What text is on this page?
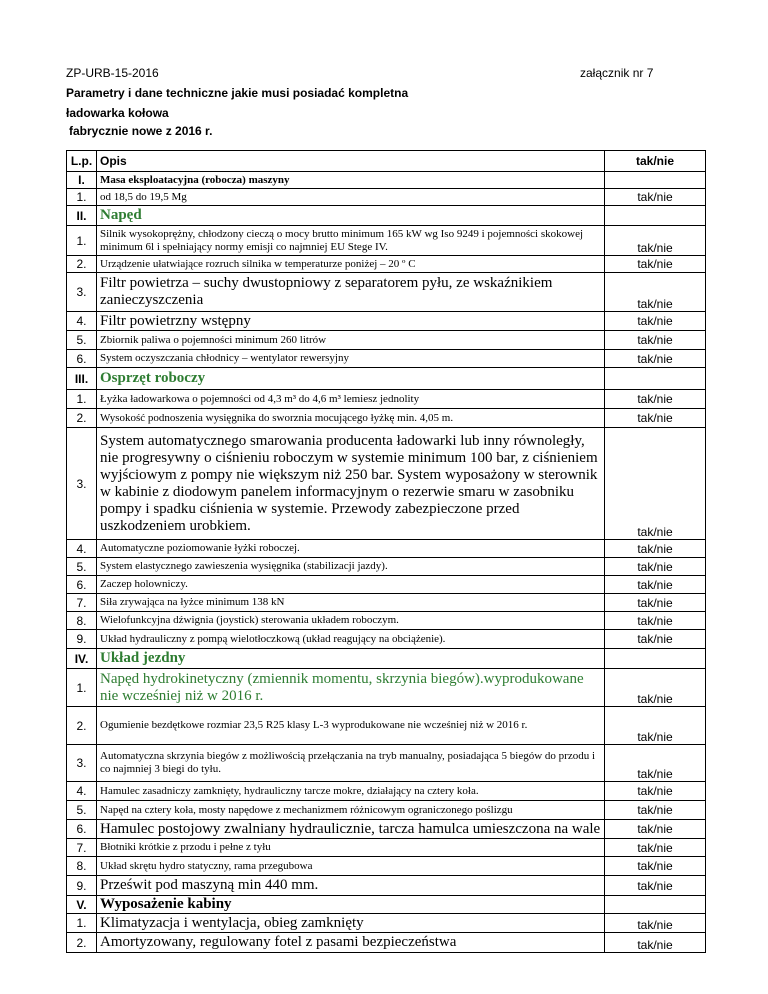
ZP-URB-15-2016	załącznik nr 7
Parametry i dane techniczne jakie musi posiadać kompletna
ładowarka kołowa
fabrycznie nowe z 2016 r.
L.p.	Opis	tak/nie
I.	Masa eksploatacyjna (robocza) maszyny	
1.	od 18,5 do 19,5 Mg	tak/nie
II.	Napęd	
1.	Silnik wysokoprężny, chłodzony cieczą o mocy brutto minimum 165 kW wg Iso 9249 i pojemności skokowej minimum 6l i spełniający normy emisji co najmniej EU Stege IV.	tak/nie
2.	Urządzenie ułatwiające rozruch silnika w temperaturze poniżej – 20 º C	tak/nie
3.	Filtr powietrza – suchy dwustopniowy z separatorem pyłu, ze wskaźnikiem zanieczyszczenia	tak/nie
4.	Filtr powietrzny wstępny	tak/nie
5.	Zbiornik paliwa o pojemności minimum 260 litrów	tak/nie
6.	System oczyszczania chłodnicy – wentylator rewersyjny	tak/nie
III.	Osprzęt roboczy	
1.	Łyżka ładowarkowa o pojemności od 4,3 m³ do 4,6 m³ lemiesz jednolity	tak/nie
2.	Wysokość podnoszenia wysięgnika do sworznia mocującego łyżkę min. 4,05 m.	tak/nie
3.	System automatycznego smarowania producenta ładowarki lub inny równoległy, nie progresywny o ciśnieniu roboczym w systemie minimum 100 bar, z ciśnieniem wyjściowym z pompy nie większym niż 250 bar. System wyposażony w sterownik w kabinie z diodowym panelem informacyjnym o rezerwie smaru w zasobniku pompy i spadku ciśnienia w systemie. Przewody zabezpieczone przed uszkodzeniem urobkiem.	tak/nie
4.	Automatyczne poziomowanie łyżki roboczej.	tak/nie
5.	System elastycznego zawieszenia wysięgnika (stabilizacji jazdy).	tak/nie
6.	Zaczep holowniczy.	tak/nie
7.	Siła zrywająca na łyżce minimum 138 kN	tak/nie
8.	Wielofunkcyjna dźwignia (joystick) sterowania układem roboczym.	tak/nie
9.	Układ hydrauliczny z pompą wielotłoczkową (układ reagujący na obciążenie).	tak/nie
IV.	Układ jezdny	
1.	Napęd hydrokinetyczny (zmiennik momentu, skrzynia biegów).wyprodukowane nie wcześniej niż w 2016 r.	tak/nie
2.	Ogumienie bezdętkowe rozmiar 23,5 R25 klasy L-3 wyprodukowane nie wcześniej niż w 2016 r.	tak/nie
3.	Automatyczna skrzynia biegów z możliwością przełączania na tryb manualny, posiadająca 5 biegów do przodu i co najmniej 3 biegi do tyłu.	tak/nie
4.	Hamulec zasadniczy zamknięty, hydrauliczny tarcze mokre, działający na cztery koła.	tak/nie
5.	Napęd na cztery koła, mosty napędowe z mechanizmem różnicowym ograniczonego poślizgu	tak/nie
6.	Hamulec postojowy zwalniany hydraulicznie, tarcza hamulca umieszczona na wale	tak/nie
7.	Błotniki krótkie z przodu i pełne z tyłu	tak/nie
8.	Układ skrętu hydro statyczny, rama przegubowa	tak/nie
9.	Prześwit pod maszyną min 440 mm.	tak/nie
V.	Wyposażenie kabiny	
1.	Klimatyzacja i wentylacja, obieg zamknięty	tak/nie
2.	Amortyzowany, regulowany fotel z pasami bezpieczeństwa	tak/nie
